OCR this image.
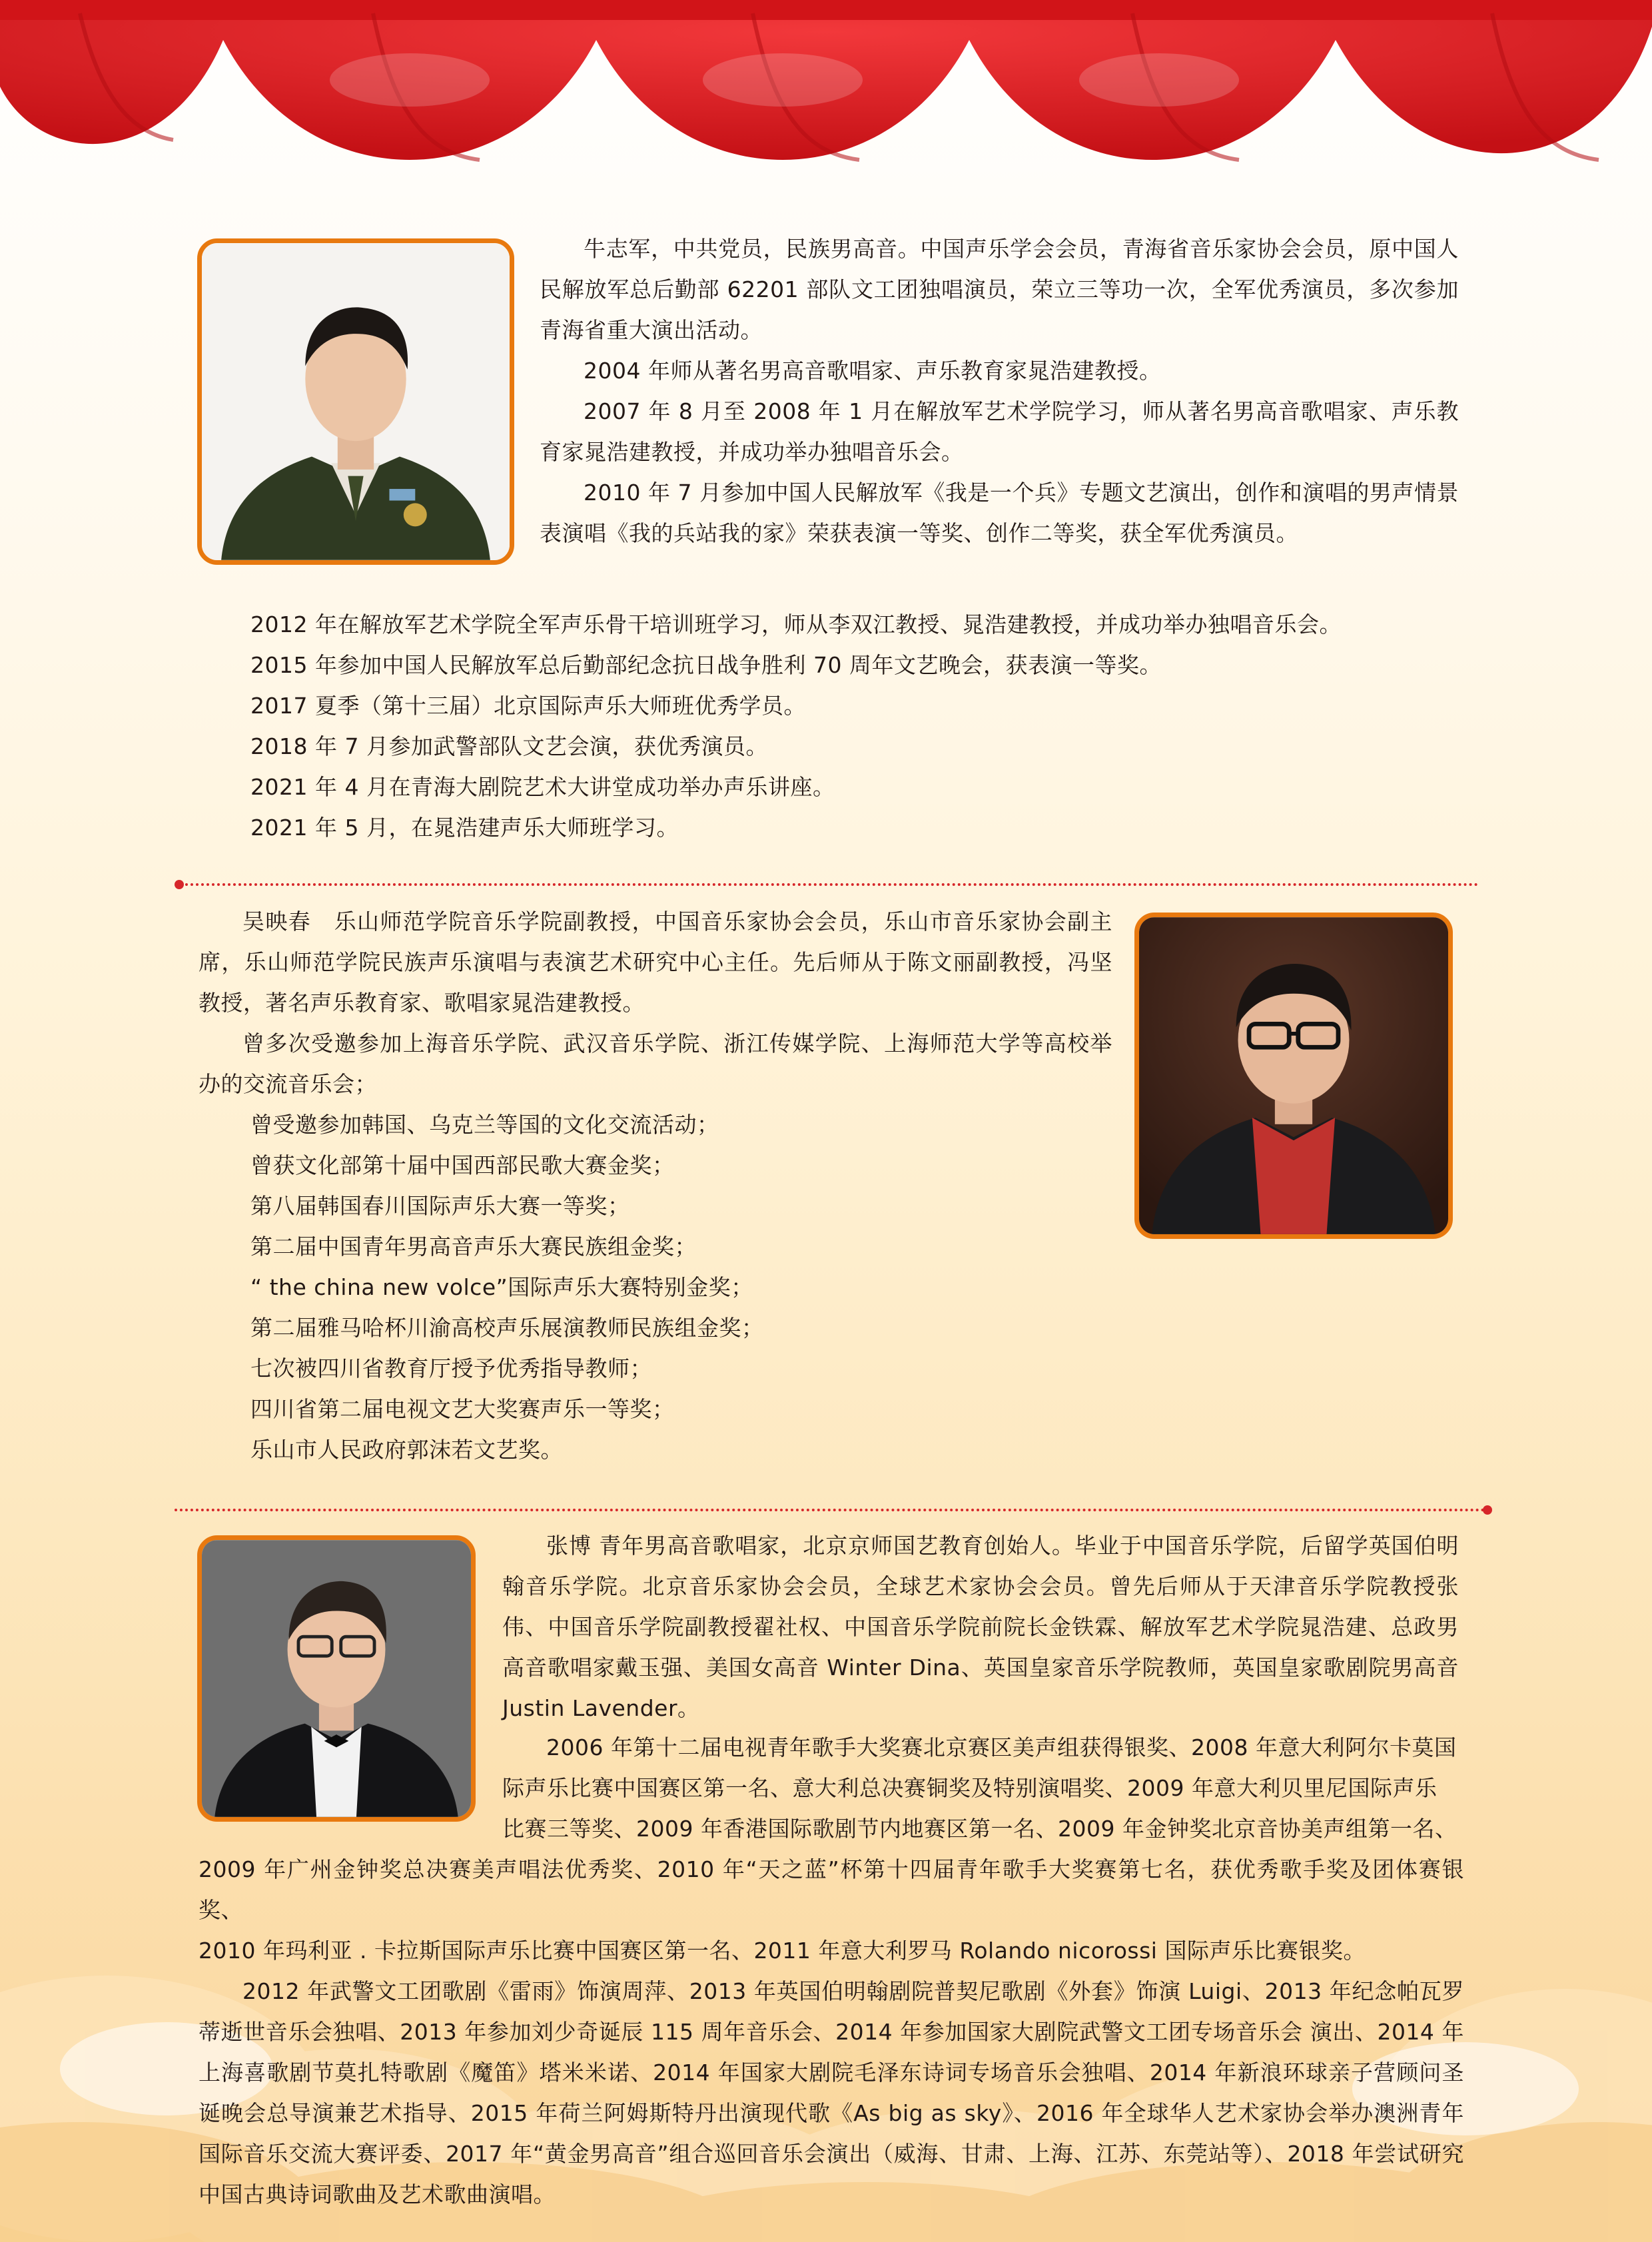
牛志军，中共党员，民族男高音。中国声乐学会会员，青海省音乐家协会会员，原中国人民解放军总后勤部 62201 部队文工团独唱演员，荣立三等功一次，全军优秀演员，多次参加青海省重大演出活动。

2004 年师从著名男高音歌唱家、声乐教育家晁浩建教授。

2007 年 8 月至 2008 年 1 月在解放军艺术学院学习，师从著名男高音歌唱家、声乐教育家晁浩建教授，并成功举办独唱音乐会。

2010 年 7 月参加中国人民解放军《我是一个兵》专题文艺演出，创作和演唱的男声情景表演唱《我的兵站我的家》荣获表演一等奖、创作二等奖，获全军优秀演员。

2012 年在解放军艺术学院全军声乐骨干培训班学习，师从李双江教授、晁浩建教授，并成功举办独唱音乐会。

2015 年参加中国人民解放军总后勤部纪念抗日战争胜利 70 周年文艺晚会，获表演一等奖。

2017 夏季（第十三届）北京国际声乐大师班优秀学员。

2018 年 7 月参加武警部队文艺会演，获优秀演员。

2021 年 4 月在青海大剧院艺术大讲堂成功举办声乐讲座。

2021 年 5 月，在晁浩建声乐大师班学习。

吴映春　乐山师范学院音乐学院副教授，中国音乐家协会会员，乐山市音乐家协会副主席，乐山师范学院民族声乐演唱与表演艺术研究中心主任。先后师从于陈文丽副教授，冯坚教授，著名声乐教育家、歌唱家晁浩建教授。

曾多次受邀参加上海音乐学院、武汉音乐学院、浙江传媒学院、上海师范大学等高校举办的交流音乐会；

曾受邀参加韩国、乌克兰等国的文化交流活动；

曾获文化部第十届中国西部民歌大赛金奖；

第八届韩国春川国际声乐大赛一等奖；

第二届中国青年男高音声乐大赛民族组金奖；

“ the china new volce”国际声乐大赛特别金奖；

第二届雅马哈杯川渝高校声乐展演教师民族组金奖；

七次被四川省教育厅授予优秀指导教师；

四川省第二届电视文艺大奖赛声乐一等奖；

乐山市人民政府郭沫若文艺奖。

张博 青年男高音歌唱家，北京京师国艺教育创始人。毕业于中国音乐学院，后留学英国伯明翰音乐学院。北京音乐家协会会员，全球艺术家协会会员。曾先后师从于天津音乐学院教授张伟、中国音乐学院副教授翟社权、中国音乐学院前院长金铁霖、解放军艺术学院晁浩建、总政男高音歌唱家戴玉强、美国女高音 Winter Dina、英国皇家音乐学院教师，英国皇家歌剧院男高音 Justin Lavender。

2006 年第十二届电视青年歌手大奖赛北京赛区美声组获得银奖、2008 年意大利阿尔卡莫国

际声乐比赛中国赛区第一名、意大利总决赛铜奖及特别演唱奖、2009 年意大利贝里尼国际声乐

比赛三等奖、2009 年香港国际歌剧节内地赛区第一名、2009 年金钟奖北京音协美声组第一名、

2009 年广州金钟奖总决赛美声唱法优秀奖、2010 年“天之蓝”杯第十四届青年歌手大奖赛第七名，获优秀歌手奖及团体赛银奖、

2010 年玛利亚 . 卡拉斯国际声乐比赛中国赛区第一名、2011 年意大利罗马 Rolando nicorossi 国际声乐比赛银奖。

2012 年武警文工团歌剧《雷雨》饰演周萍、2013 年英国伯明翰剧院普契尼歌剧《外套》饰演 Luigi、2013 年纪念帕瓦罗蒂逝世音乐会独唱、2013 年参加刘少奇诞辰 115 周年音乐会、2014 年参加国家大剧院武警文工团专场音乐会 演出、2014 年上海喜歌剧节莫扎特歌剧《魔笛》塔米米诺、2014 年国家大剧院毛泽东诗词专场音乐会独唱、2014 年新浪环球亲子营顾问圣诞晚会总导演兼艺术指导、2015 年荷兰阿姆斯特丹出演现代歌《As big as sky》、2016 年全球华人艺术家协会举办澳洲青年国际音乐交流大赛评委、2017 年“黄金男高音”组合巡回音乐会演出（威海、甘肃、上海、江苏、东莞站等）、2018 年尝试研究中国古典诗词歌曲及艺术歌曲演唱。
